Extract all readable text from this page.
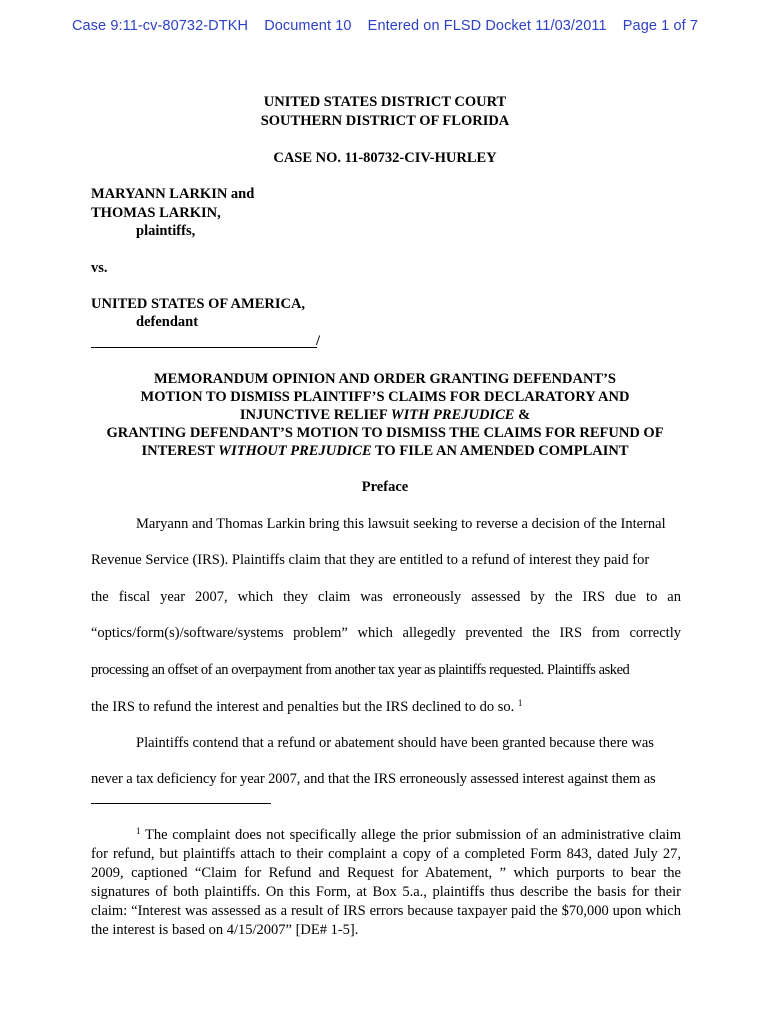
Case 9:11-cv-80732-DTKH Document 10 Entered on FLSD Docket 11/03/2011 Page 1 of 7
UNITED STATES DISTRICT COURT
SOUTHERN DISTRICT OF FLORIDA
CASE NO. 11-80732-CIV-HURLEY
MARYANN LARKIN and
THOMAS LARKIN,
plaintiffs,
vs.
UNITED STATES OF AMERICA,
defendant
/
MEMORANDUM OPINION AND ORDER GRANTING DEFENDANT’S
MOTION TO DISMISS PLAINTIFF’S CLAIMS FOR DECLARATORY AND
INJUNCTIVE RELIEF WITH PREJUDICE &
GRANTING DEFENDANT’S MOTION TO DISMISS THE CLAIMS FOR REFUND OF
INTEREST WITHOUT PREJUDICE TO FILE AN AMENDED COMPLAINT
Preface
Maryann and Thomas Larkin bring this lawsuit seeking to reverse a decision of the Internal
Revenue Service (IRS). Plaintiffs claim that they are entitled to a refund of interest they paid for
the fiscal year 2007, which they claim was erroneously assessed by the IRS due to an
“optics/form(s)/software/systems problem” which allegedly prevented the IRS from correctly
processing an offset of an overpayment from another tax year as plaintiffs requested. Plaintiffs asked
the IRS to refund the interest and penalties but the IRS declined to do so. $^1$
Plaintiffs contend that a refund or abatement should have been granted because there was
never a tax deficiency for year 2007, and that the IRS erroneously assessed interest against them as
$^1$ The complaint does not specifically allege the prior submission of an administrative claim for refund, but plaintiffs attach to their complaint a copy of a completed Form 843, dated July 27, 2009, captioned “Claim for Refund and Request for Abatement, ” which purports to bear the signatures of both plaintiffs. On this Form, at Box 5.a., plaintiffs thus describe the basis for their claim: “Interest was assessed as a result of IRS errors because taxpayer paid the $70,000 upon which the interest is based on 4/15/2007” [DE# 1-5].
